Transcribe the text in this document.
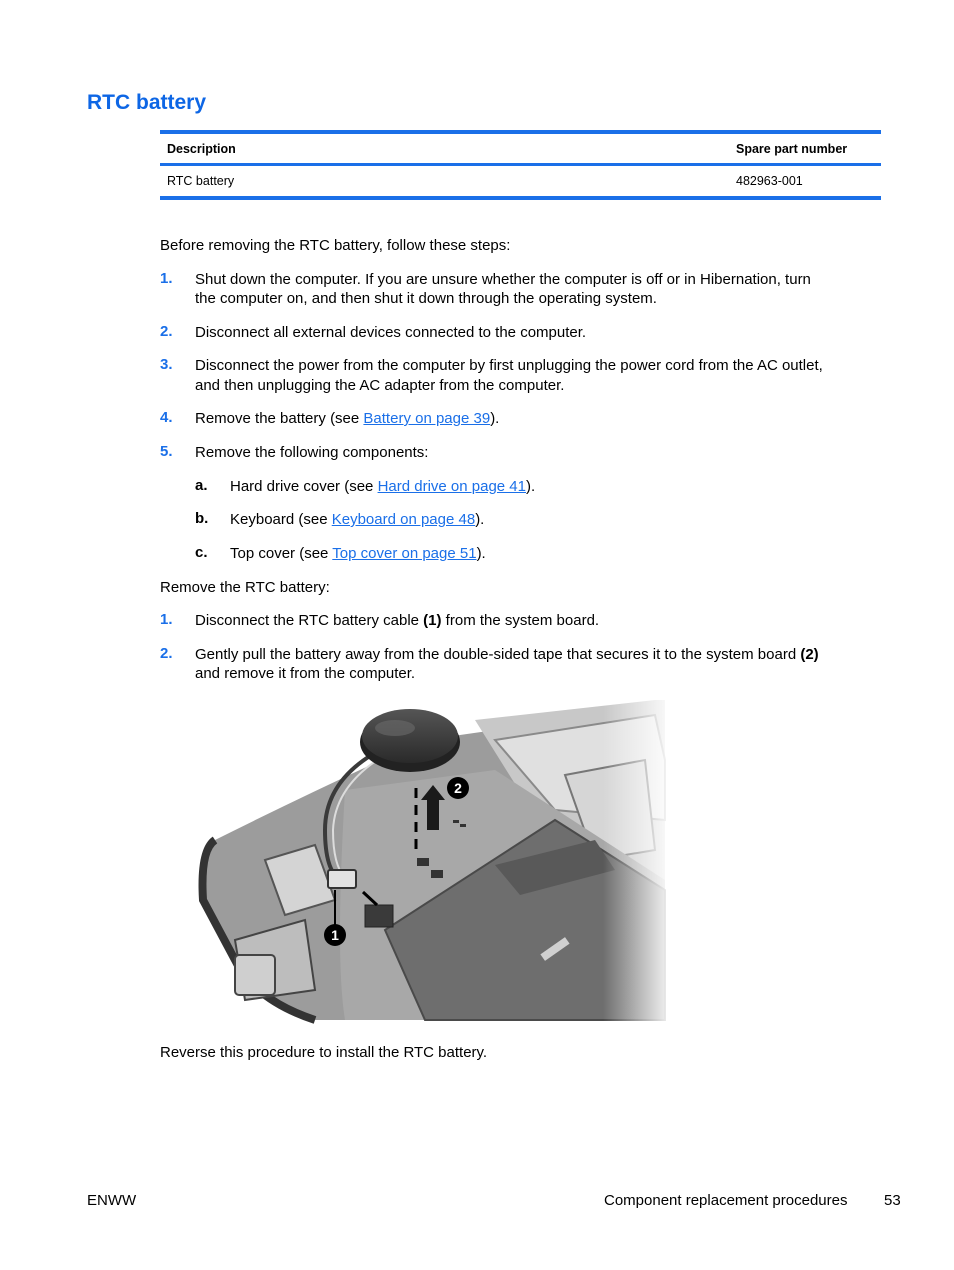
RTC battery
Description	Spare part number
RTC battery	482963-001
Before removing the RTC battery, follow these steps:
1. Shut down the computer. If you are unsure whether the computer is off or in Hibernation, turn
the computer on, and then shut it down through the operating system.
2. Disconnect all external devices connected to the computer.
3. Disconnect the power from the computer by first unplugging the power cord from the AC outlet,
and then unplugging the AC adapter from the computer.
4. Remove the battery (see Battery on page 39).
5. Remove the following components:
a. Hard drive cover (see Hard drive on page 41).
b. Keyboard (see Keyboard on page 48).
c. Top cover (see Top cover on page 51).
Remove the RTC battery:
1. Disconnect the RTC battery cable (1) from the system board.
2. Gently pull the battery away from the double-sided tape that secures it to the system board (2)
and remove it from the computer.
Reverse this procedure to install the RTC battery.
ENWW	Component replacement procedures 53
